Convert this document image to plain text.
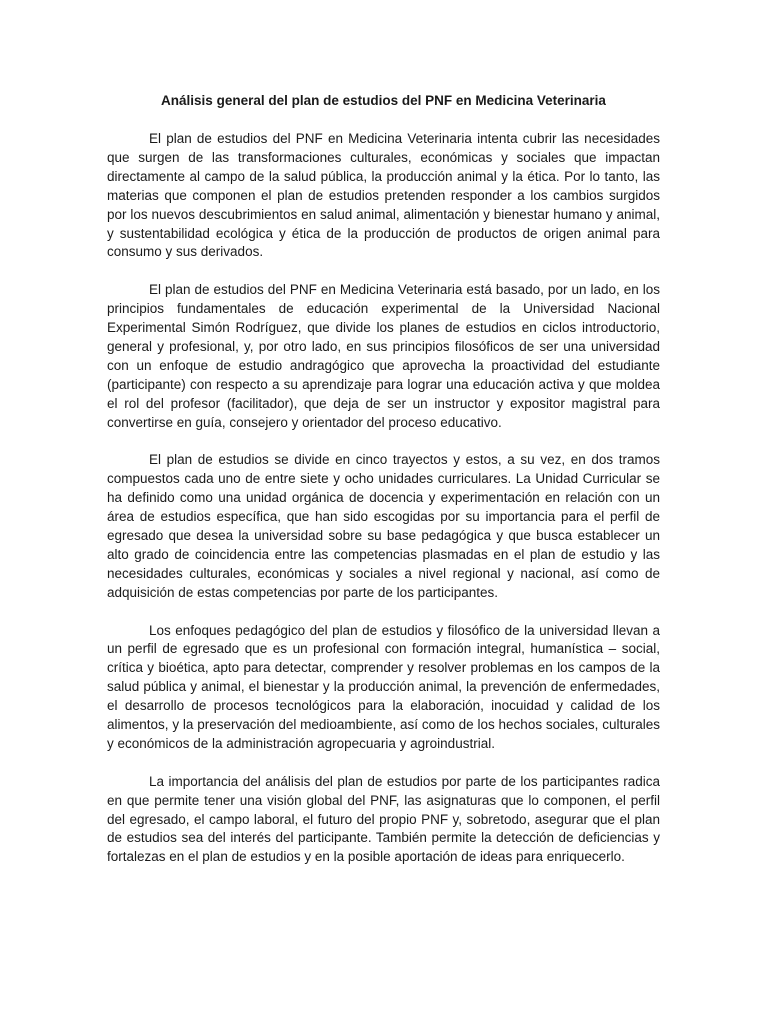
Análisis general del plan de estudios del PNF en Medicina Veterinaria

El plan de estudios del PNF en Medicina Veterinaria intenta cubrir las necesidades que surgen de las transformaciones culturales, económicas y sociales que impactan directamente al campo de la salud pública, la producción animal y la ética. Por lo tanto, las materias que componen el plan de estudios pretenden responder a los cambios surgidos por los nuevos descubrimientos en salud animal, alimentación y bienestar humano y animal, y sustentabilidad ecológica y ética de la producción de productos de origen animal para consumo y sus derivados.

El plan de estudios del PNF en Medicina Veterinaria está basado, por un lado, en los principios fundamentales de educación experimental de la Universidad Nacional Experimental Simón Rodríguez, que divide los planes de estudios en ciclos introductorio, general y profesional, y, por otro lado, en sus principios filosóficos de ser una universidad con un enfoque de estudio andragógico que aprovecha la proactividad del estudiante (participante) con respecto a su aprendizaje para lograr una educación activa y que moldea el rol del profesor (facilitador), que deja de ser un instructor y expositor magistral para convertirse en guía, consejero y orientador del proceso educativo.

El plan de estudios se divide en cinco trayectos y estos, a su vez, en dos tramos compuestos cada uno de entre siete y ocho unidades curriculares. La Unidad Curricular se ha definido como una unidad orgánica de docencia y experimentación en relación con un área de estudios específica, que han sido escogidas por su importancia para el perfil de egresado que desea la universidad sobre su base pedagógica y que busca establecer un alto grado de coincidencia entre las competencias plasmadas en el plan de estudio y las necesidades culturales, económicas y sociales a nivel regional y nacional, así como de adquisición de estas competencias por parte de los participantes.

Los enfoques pedagógico del plan de estudios y filosófico de la universidad llevan a un perfil de egresado que es un profesional con formación integral, humanística – social, crítica y bioética, apto para detectar, comprender y resolver problemas en los campos de la salud pública y animal, el bienestar y la producción animal, la prevención de enfermedades, el desarrollo de procesos tecnológicos para la elaboración, inocuidad y calidad de los alimentos, y la preservación del medioambiente, así como de los hechos sociales, culturales y económicos de la administración agropecuaria y agroindustrial.

La importancia del análisis del plan de estudios por parte de los participantes radica en que permite tener una visión global del PNF, las asignaturas que lo componen, el perfil del egresado, el campo laboral, el futuro del propio PNF y, sobretodo, asegurar que el plan de estudios sea del interés del participante. También permite la detección de deficiencias y fortalezas en el plan de estudios y en la posible aportación de ideas para enriquecerlo.
